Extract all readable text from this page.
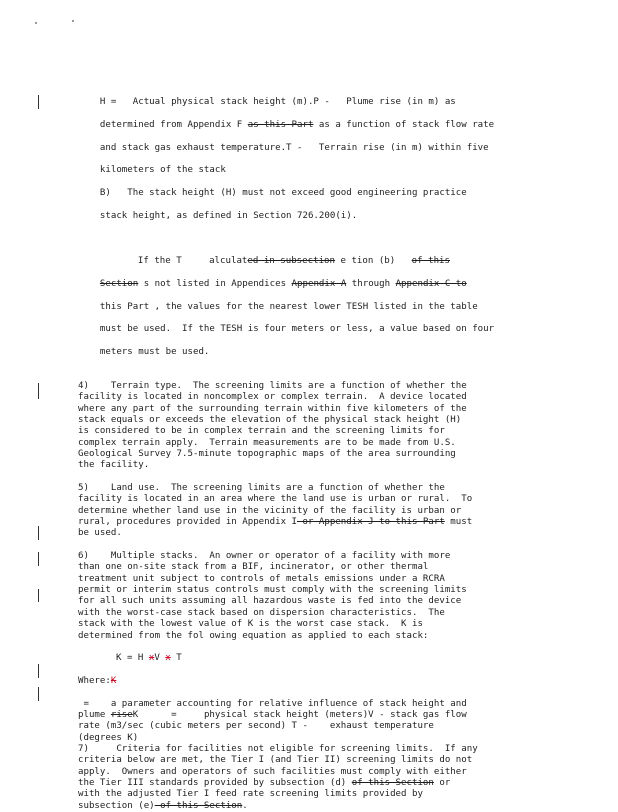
H =   Actual physical stack height (m).P -   Plume rise (in m) as

determined from Appendix F as this Part as a function of stack flow rate

and stack gas exhaust temperature.T -   Terrain rise (in m) within five

kilometers of the stack

B)   The stack height (H) must not exceed good engineering practice

stack height, as defined in Section 726.200(i).

If the T     alculated in subsection e tion (b)   of this

Section s not listed in Appendices Appendix A through Appendix C to

this Part , the values for the nearest lower TESH listed in the table

must be used.  If the TESH is four meters or less, a value based on four

meters must be used.

4)    Terrain type.  The screening limits are a function of whether the
facility is located in noncomplex or complex terrain.  A device located
where any part of the surrounding terrain within five kilometers of the
stack equals or exceeds the elevation of the physical stack height (H)
is considered to be in complex terrain and the screening limits for
complex terrain apply.  Terrain measurements are to be made from U.S.
Geological Survey 7.5-minute topographic maps of the area surrounding
the facility.

5)    Land use.  The screening limits are a function of whether the
facility is located in an area where the land use is urban or rural.  To
determine whether land use in the vicinity of the facility is urban or
rural, procedures provided in Appendix I or Appendix J to this Part must
be used.

6)    Multiple stacks.  An owner or operator of a facility with more
than one on-site stack from a BIF, incinerator, or other thermal
treatment unit subject to controls of metals emissions under a RCRA
permit or interim status controls must comply with the screening limits
for all such units assuming all hazardous waste is fed into the device
with the worst-case stack based on dispersion characteristics.  The
stack with the lowest value of K is the worst case stack.  K is
determined from the fol owing equation as applied to each stack:

K = H xV x T

Where:K

=    a parameter accounting for relative influence of stack height and
plume riseK      =     physical stack height (meters)V - stack gas flow
rate (m3/sec (cubic meters per second) T -    exhaust temperature
(degrees K)
7)     Criteria for facilities not eligible for screening limits.  If any
criteria below are met, the Tier I (and Tier II) screening limits do not
apply.  Owners and operators of such facilities must comply with either
the Tier III standards provided by subsection (d) of this Section or
with the adjusted Tier I feed rate screening limits provided by
subsection (e) of this Section.
